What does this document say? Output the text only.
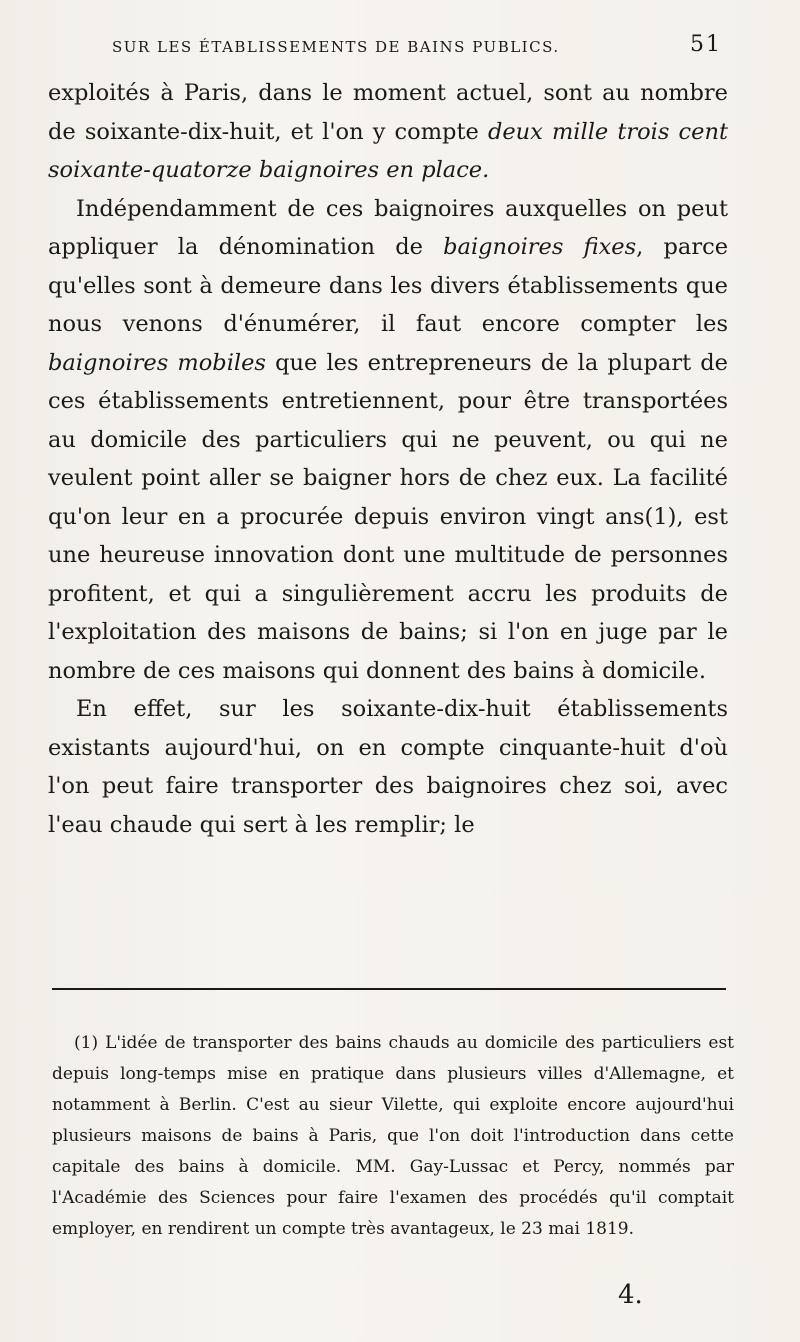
SUR LES ÉTABLISSEMENTS DE BAINS PUBLICS.	51

exploités à Paris, dans le moment actuel, sont au nombre de soixante-dix-huit, et l'on y compte deux mille trois cent soixante-quatorze baignoires en place.

Indépendamment de ces baignoires auxquelles on peut appliquer la dénomination de baignoires fixes, parce qu'elles sont à demeure dans les divers établissements que nous venons d'énumérer, il faut encore compter les baignoires mobiles que les entrepreneurs de la plupart de ces établissements entretiennent, pour être transportées au domicile des particuliers qui ne peuvent, ou qui ne veulent point aller se baigner hors de chez eux. La facilité qu'on leur en a procurée depuis environ vingt ans(1), est une heureuse innovation dont une multitude de personnes profitent, et qui a singulièrement accru les produits de l'exploitation des maisons de bains; si l'on en juge par le nombre de ces maisons qui donnent des bains à domicile.

En effet, sur les soixante-dix-huit établissements existants aujourd'hui, on en compte cinquante-huit d'où l'on peut faire transporter des baignoires chez soi, avec l'eau chaude qui sert à les remplir; le

(1) L'idée de transporter des bains chauds au domicile des particuliers est depuis long-temps mise en pratique dans plusieurs villes d'Allemagne, et notamment à Berlin. C'est au sieur Vilette, qui exploite encore aujourd'hui plusieurs maisons de bains à Paris, que l'on doit l'introduction dans cette capitale des bains à domicile. MM. Gay-Lussac et Percy, nommés par l'Académie des Sciences pour faire l'examen des procédés qu'il comptait employer, en rendirent un compte très avantageux, le 23 mai 1819.

4.
